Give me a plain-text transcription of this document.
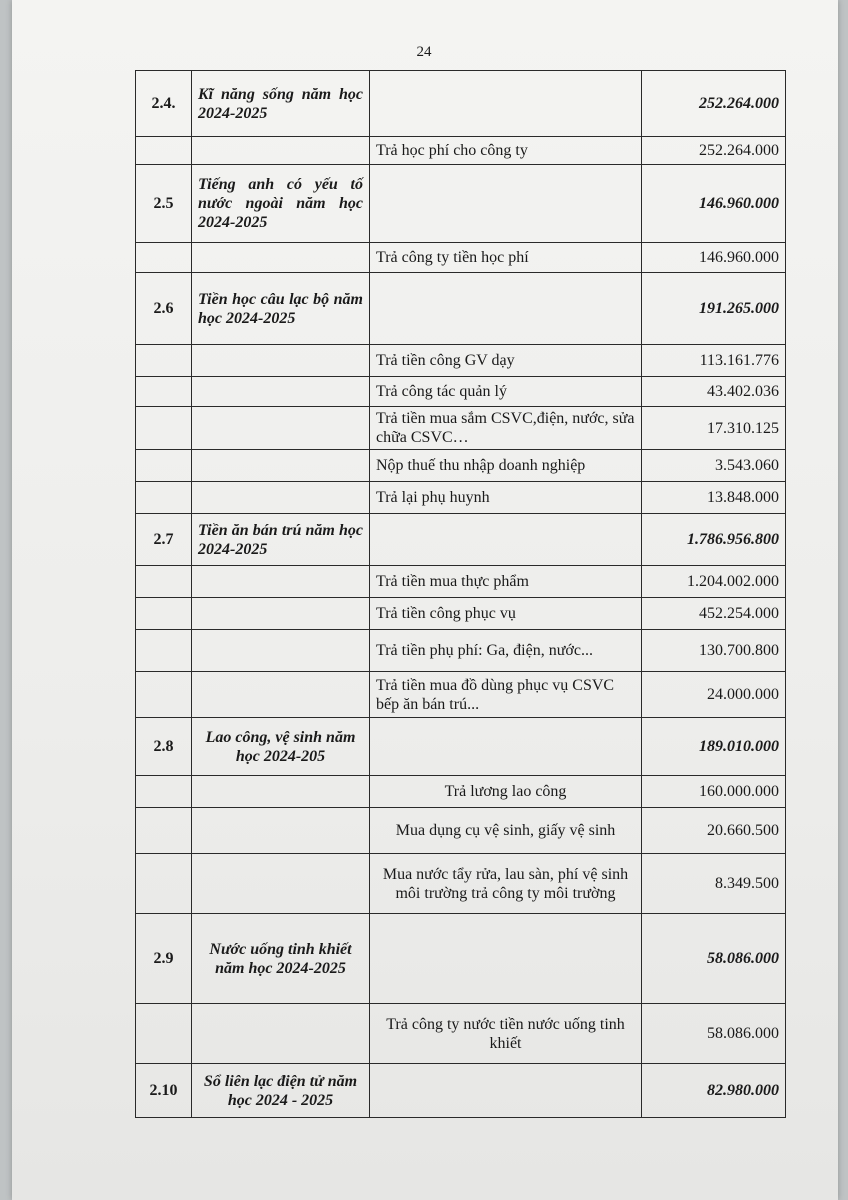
24
2.4.	Kĩ năng sống năm học 2024-2025		252.264.000
		Trả học phí cho công ty	252.264.000
2.5	Tiếng anh có yếu tố nước ngoài năm học 2024-2025		146.960.000
		Trả công ty tiền học phí	146.960.000
2.6	Tiền học câu lạc bộ năm học 2024-2025		191.265.000
		Trả tiền công GV dạy	113.161.776
		Trả công tác quản lý	43.402.036
		Trả tiền mua sắm CSVC,điện, nước, sửa chữa CSVC…	17.310.125
		Nộp thuế thu nhập doanh nghiệp	3.543.060
		Trả lại phụ huynh	13.848.000
2.7	Tiền ăn bán trú năm học 2024-2025		1.786.956.800
		Trả tiền mua thực phẩm	1.204.002.000
		Trả tiền công phục vụ	452.254.000
		Trả tiền phụ phí: Ga, điện, nước...	130.700.800
		Trả tiền mua đồ dùng phục vụ CSVC bếp ăn bán trú...	24.000.000
2.8	Lao công, vệ sinh năm học 2024-205		189.010.000
		Trả lương lao công	160.000.000
		Mua dụng cụ vệ sinh, giấy vệ sinh	20.660.500
		Mua nước tẩy rửa, lau sàn, phí vệ sinh môi trường trả công ty môi trường	8.349.500
2.9	Nước uống tinh khiết năm học 2024-2025		58.086.000
		Trả công ty nước tiền nước uống tinh khiết	58.086.000
2.10	Sổ liên lạc điện tử năm học 2024 - 2025		82.980.000
